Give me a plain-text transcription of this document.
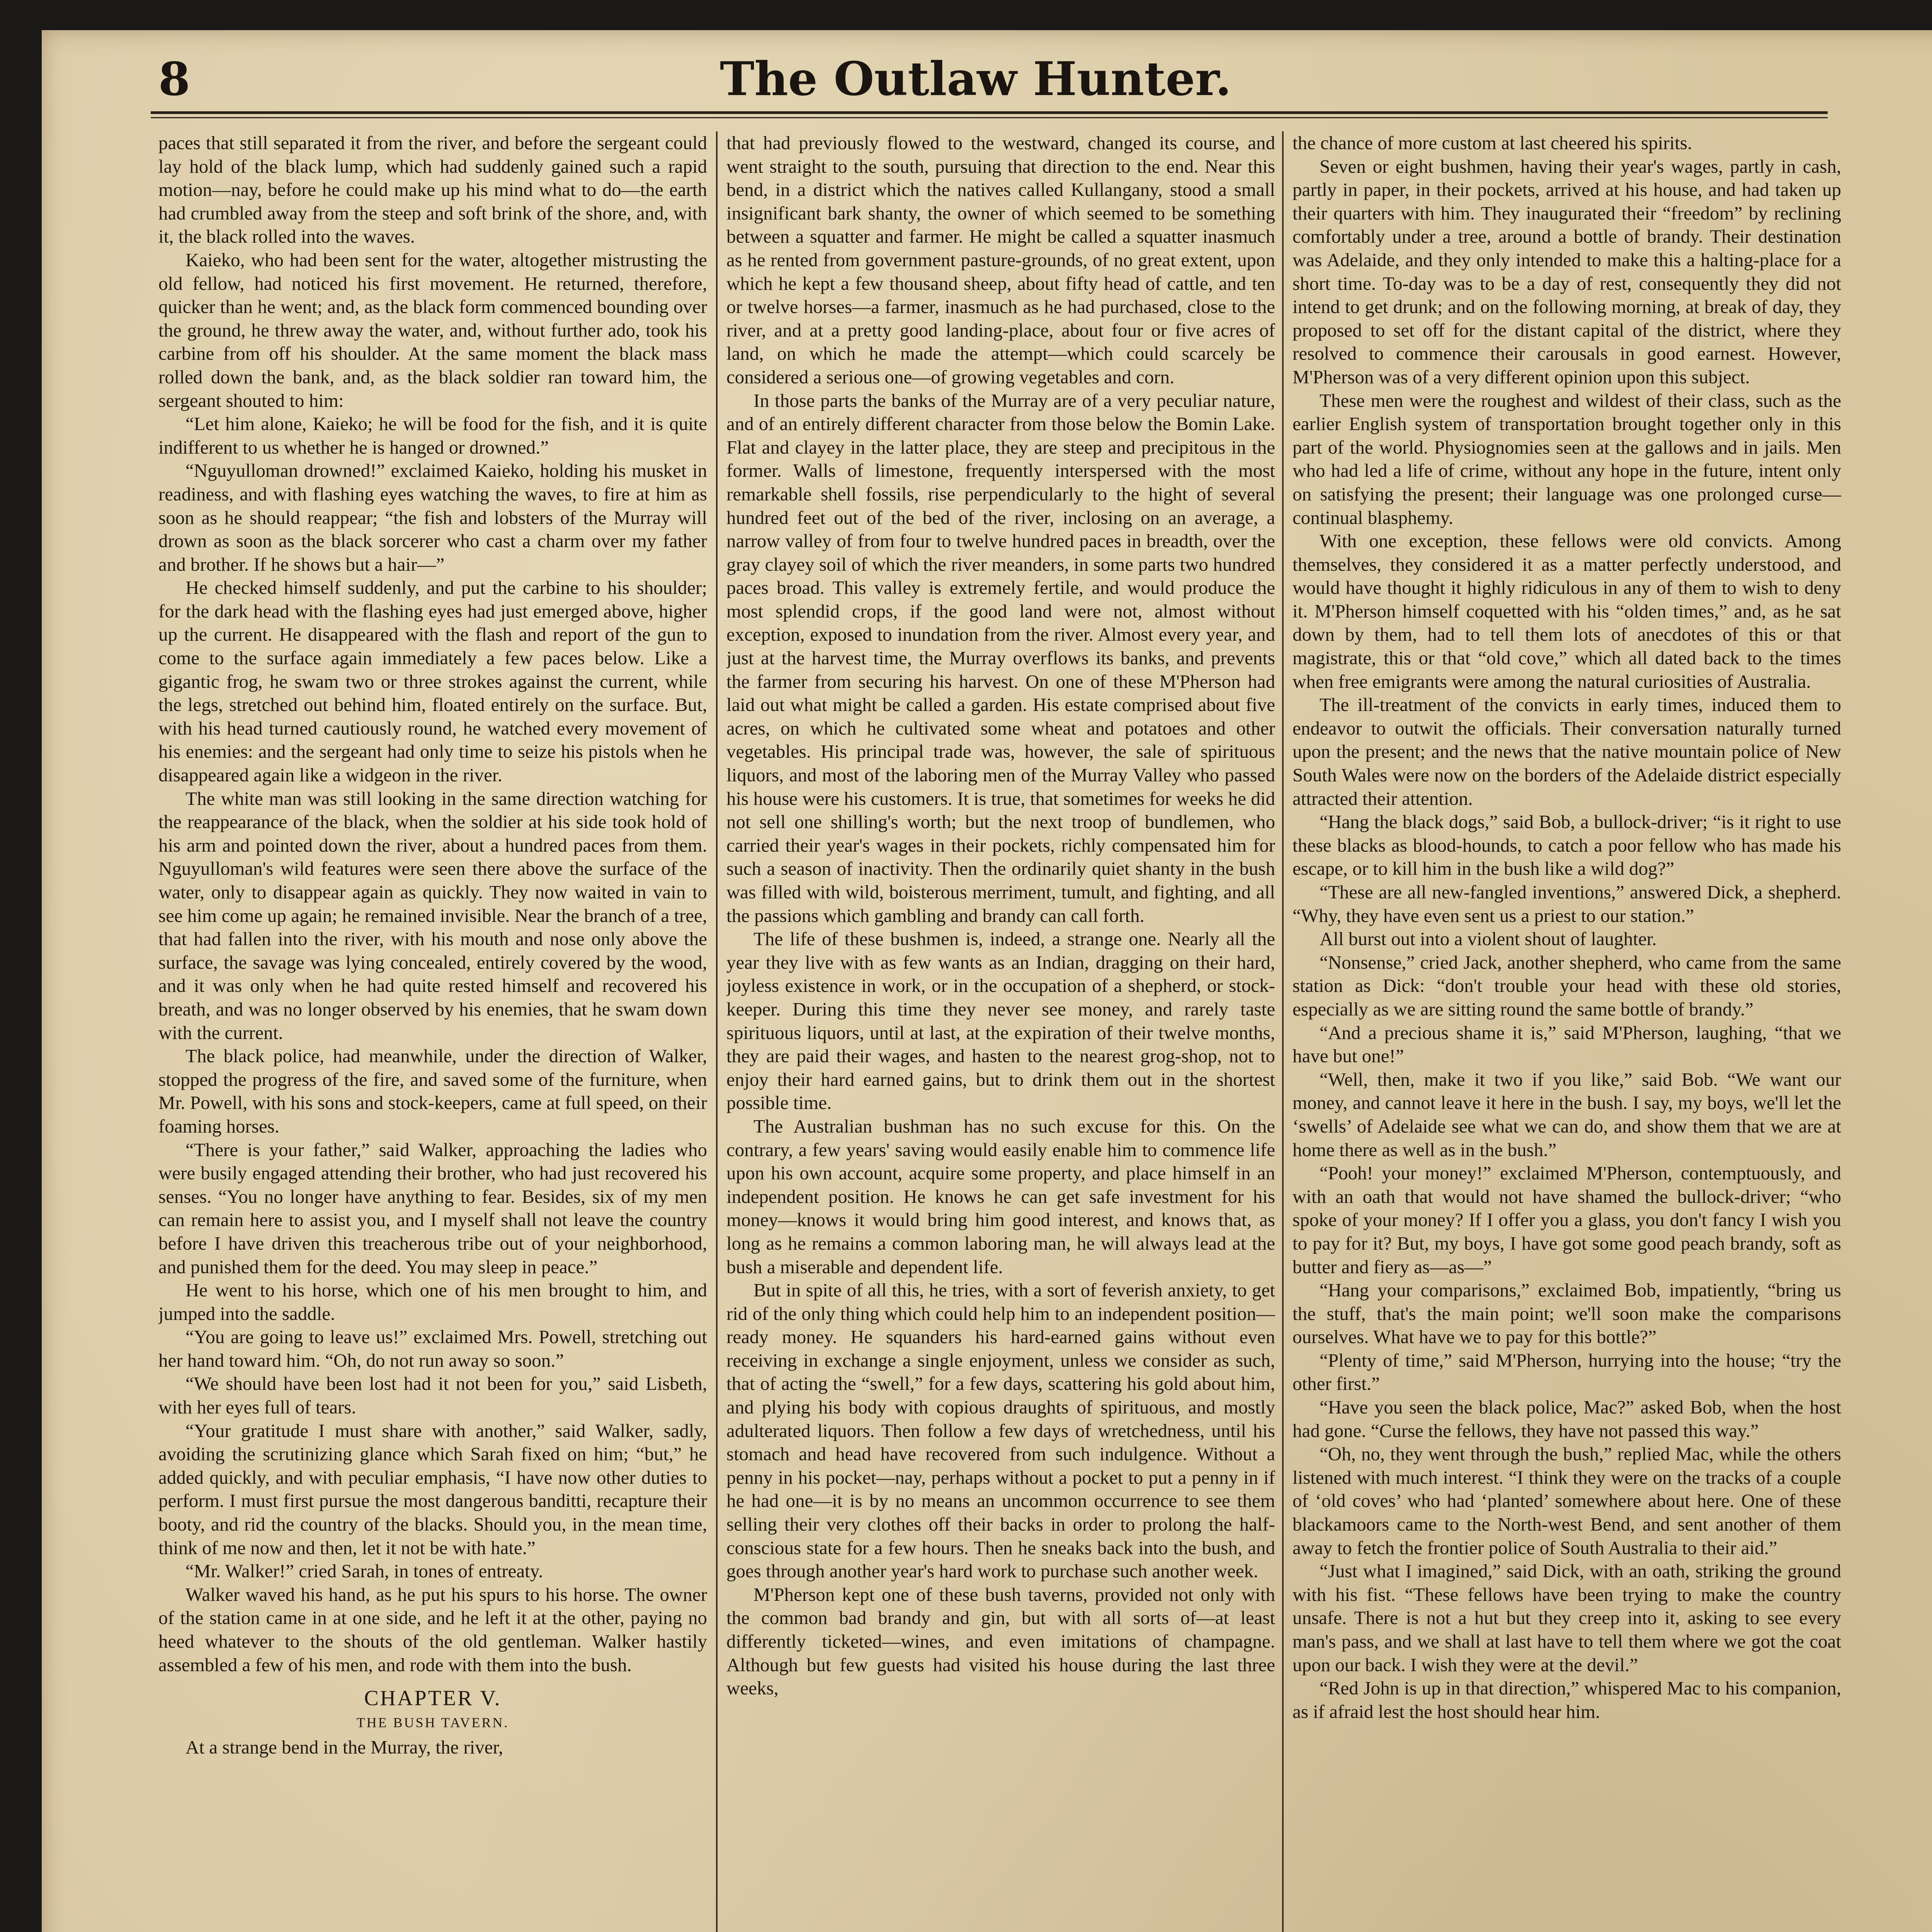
8	The Outlaw Hunter.

paces that still separated it from the river, and before the sergeant could lay hold of the black lump, which had suddenly gained such a rapid motion—nay, before he could make up his mind what to do—the earth had crumbled away from the steep and soft brink of the shore, and, with it, the black rolled into the waves.

Kaieko, who had been sent for the water, altogether mistrusting the old fellow, had noticed his first movement. He returned, therefore, quicker than he went; and, as the black form commenced bounding over the ground, he threw away the water, and, without further ado, took his carbine from off his shoulder. At the same moment the black mass rolled down the bank, and, as the black soldier ran toward him, the sergeant shouted to him:

“Let him alone, Kaieko; he will be food for the fish, and it is quite indifferent to us whether he is hanged or drowned.”

“Nguyulloman drowned!” exclaimed Kaieko, holding his musket in readiness, and with flashing eyes watching the waves, to fire at him as soon as he should reappear; “the fish and lobsters of the Murray will drown as soon as the black sorcerer who cast a charm over my father and brother. If he shows but a hair—”

He checked himself suddenly, and put the carbine to his shoulder; for the dark head with the flashing eyes had just emerged above, higher up the current. He disappeared with the flash and report of the gun to come to the surface again immediately a few paces below. Like a gigantic frog, he swam two or three strokes against the current, while the legs, stretched out behind him, floated entirely on the surface. But, with his head turned cautiously round, he watched every movement of his enemies: and the sergeant had only time to seize his pistols when he disappeared again like a widgeon in the river.

The white man was still looking in the same direction watching for the reappearance of the black, when the soldier at his side took hold of his arm and pointed down the river, about a hundred paces from them. Nguyulloman's wild features were seen there above the surface of the water, only to disappear again as quickly. They now waited in vain to see him come up again; he remained invisible. Near the branch of a tree, that had fallen into the river, with his mouth and nose only above the surface, the savage was lying concealed, entirely covered by the wood, and it was only when he had quite rested himself and recovered his breath, and was no longer observed by his enemies, that he swam down with the current.

The black police, had meanwhile, under the direction of Walker, stopped the progress of the fire, and saved some of the furniture, when Mr. Powell, with his sons and stock-keepers, came at full speed, on their foaming horses.

“There is your father,” said Walker, approaching the ladies who were busily engaged attending their brother, who had just recovered his senses. “You no longer have anything to fear. Besides, six of my men can remain here to assist you, and I myself shall not leave the country before I have driven this treacherous tribe out of your neighborhood, and punished them for the deed. You may sleep in peace.”

He went to his horse, which one of his men brought to him, and jumped into the saddle.

“You are going to leave us!” exclaimed Mrs. Powell, stretching out her hand toward him. “Oh, do not run away so soon.”

“We should have been lost had it not been for you,” said Lisbeth, with her eyes full of tears.

“Your gratitude I must share with another,” said Walker, sadly, avoiding the scrutinizing glance which Sarah fixed on him; “but,” he added quickly, and with peculiar emphasis, “I have now other duties to perform. I must first pursue the most dangerous banditti, recapture their booty, and rid the country of the blacks. Should you, in the mean time, think of me now and then, let it not be with hate.”

“Mr. Walker!” cried Sarah, in tones of entreaty.

Walker waved his hand, as he put his spurs to his horse. The owner of the station came in at one side, and he left it at the other, paying no heed whatever to the shouts of the old gentleman. Walker hastily assembled a few of his men, and rode with them into the bush.

CHAPTER V.
THE BUSH TAVERN.

At a strange bend in the Murray, the river,

that had previously flowed to the westward, changed its course, and went straight to the south, pursuing that direction to the end. Near this bend, in a district which the natives called Kullangany, stood a small insignificant bark shanty, the owner of which seemed to be something between a squatter and farmer. He might be called a squatter inasmuch as he rented from government pasture-grounds, of no great extent, upon which he kept a few thousand sheep, about fifty head of cattle, and ten or twelve horses—a farmer, inasmuch as he had purchased, close to the river, and at a pretty good landing-place, about four or five acres of land, on which he made the attempt—which could scarcely be considered a serious one—of growing vegetables and corn.

In those parts the banks of the Murray are of a very peculiar nature, and of an entirely different character from those below the Bomin Lake. Flat and clayey in the latter place, they are steep and precipitous in the former. Walls of limestone, frequently interspersed with the most remarkable shell fossils, rise perpendicularly to the hight of several hundred feet out of the bed of the river, inclosing on an average, a narrow valley of from four to twelve hundred paces in breadth, over the gray clayey soil of which the river meanders, in some parts two hundred paces broad. This valley is extremely fertile, and would produce the most splendid crops, if the good land were not, almost without exception, exposed to inundation from the river. Almost every year, and just at the harvest time, the Murray overflows its banks, and prevents the farmer from securing his harvest. On one of these M'Pherson had laid out what might be called a garden. His estate comprised about five acres, on which he cultivated some wheat and potatoes and other vegetables. His principal trade was, however, the sale of spirituous liquors, and most of the laboring men of the Murray Valley who passed his house were his customers. It is true, that sometimes for weeks he did not sell one shilling's worth; but the next troop of bundlemen, who carried their year's wages in their pockets, richly compensated him for such a season of inactivity. Then the ordinarily quiet shanty in the bush was filled with wild, boisterous merriment, tumult, and fighting, and all the passions which gambling and brandy can call forth.

The life of these bushmen is, indeed, a strange one. Nearly all the year they live with as few wants as an Indian, dragging on their hard, joyless existence in work, or in the occupation of a shepherd, or stock-keeper. During this time they never see money, and rarely taste spirituous liquors, until at last, at the expiration of their twelve months, they are paid their wages, and hasten to the nearest grog-shop, not to enjoy their hard earned gains, but to drink them out in the shortest possible time.

The Australian bushman has no such excuse for this. On the contrary, a few years' saving would easily enable him to commence life upon his own account, acquire some property, and place himself in an independent position. He knows he can get safe investment for his money—knows it would bring him good interest, and knows that, as long as he remains a common laboring man, he will always lead at the bush a miserable and dependent life.

But in spite of all this, he tries, with a sort of feverish anxiety, to get rid of the only thing which could help him to an independent position—ready money. He squanders his hard-earned gains without even receiving in exchange a single enjoyment, unless we consider as such, that of acting the “swell,” for a few days, scattering his gold about him, and plying his body with copious draughts of spirituous, and mostly adulterated liquors. Then follow a few days of wretchedness, until his stomach and head have recovered from such indulgence. Without a penny in his pocket—nay, perhaps without a pocket to put a penny in if he had one—it is by no means an uncommon occurrence to see them selling their very clothes off their backs in order to prolong the half-conscious state for a few hours. Then he sneaks back into the bush, and goes through another year's hard work to purchase such another week.

M'Pherson kept one of these bush taverns, provided not only with the common bad brandy and gin, but with all sorts of—at least differently ticketed—wines, and even imitations of champagne. Although but few guests had visited his house during the last three weeks,

the chance of more custom at last cheered his spirits.

Seven or eight bushmen, having their year's wages, partly in cash, partly in paper, in their pockets, arrived at his house, and had taken up their quarters with him. They inaugurated their “freedom” by reclining comfortably under a tree, around a bottle of brandy. Their destination was Adelaide, and they only intended to make this a halting-place for a short time. To-day was to be a day of rest, consequently they did not intend to get drunk; and on the following morning, at break of day, they proposed to set off for the distant capital of the district, where they resolved to commence their carousals in good earnest. However, M'Pherson was of a very different opinion upon this subject.

These men were the roughest and wildest of their class, such as the earlier English system of transportation brought together only in this part of the world. Physiognomies seen at the gallows and in jails. Men who had led a life of crime, without any hope in the future, intent only on satisfying the present; their language was one prolonged curse—continual blasphemy.

With one exception, these fellows were old convicts. Among themselves, they considered it as a matter perfectly understood, and would have thought it highly ridiculous in any of them to wish to deny it. M'Pherson himself coquetted with his “olden times,” and, as he sat down by them, had to tell them lots of anecdotes of this or that magistrate, this or that “old cove,” which all dated back to the times when free emigrants were among the natural curiosities of Australia.

The ill-treatment of the convicts in early times, induced them to endeavor to outwit the officials. Their conversation naturally turned upon the present; and the news that the native mountain police of New South Wales were now on the borders of the Adelaide district especially attracted their attention.

“Hang the black dogs,” said Bob, a bullock-driver; “is it right to use these blacks as blood-hounds, to catch a poor fellow who has made his escape, or to kill him in the bush like a wild dog?”

“These are all new-fangled inventions,” answered Dick, a shepherd. “Why, they have even sent us a priest to our station.”

All burst out into a violent shout of laughter.

“Nonsense,” cried Jack, another shepherd, who came from the same station as Dick: “don't trouble your head with these old stories, especially as we are sitting round the same bottle of brandy.”

“And a precious shame it is,” said M'Pherson, laughing, “that we have but one!”

“Well, then, make it two if you like,” said Bob. “We want our money, and cannot leave it here in the bush. I say, my boys, we'll let the ‘swells’ of Adelaide see what we can do, and show them that we are at home there as well as in the bush.”

“Pooh! your money!” exclaimed M'Pherson, contemptuously, and with an oath that would not have shamed the bullock-driver; “who spoke of your money? If I offer you a glass, you don't fancy I wish you to pay for it? But, my boys, I have got some good peach brandy, soft as butter and fiery as—as—”

“Hang your comparisons,” exclaimed Bob, impatiently, “bring us the stuff, that's the main point; we'll soon make the comparisons ourselves. What have we to pay for this bottle?”

“Plenty of time,” said M'Pherson, hurrying into the house; “try the other first.”

“Have you seen the black police, Mac?” asked Bob, when the host had gone. “Curse the fellows, they have not passed this way.”

“Oh, no, they went through the bush,” replied Mac, while the others listened with much interest. “I think they were on the tracks of a couple of ‘old coves’ who had ‘planted’ somewhere about here. One of these blackamoors came to the North-west Bend, and sent another of them away to fetch the frontier police of South Australia to their aid.”

“Just what I imagined,” said Dick, with an oath, striking the ground with his fist. “These fellows have been trying to make the country unsafe. There is not a hut but they creep into it, asking to see every man's pass, and we shall at last have to tell them where we got the coat upon our back. I wish they were at the devil.”

“Red John is up in that direction,” whispered Mac to his companion, as if afraid lest the host should hear him.
